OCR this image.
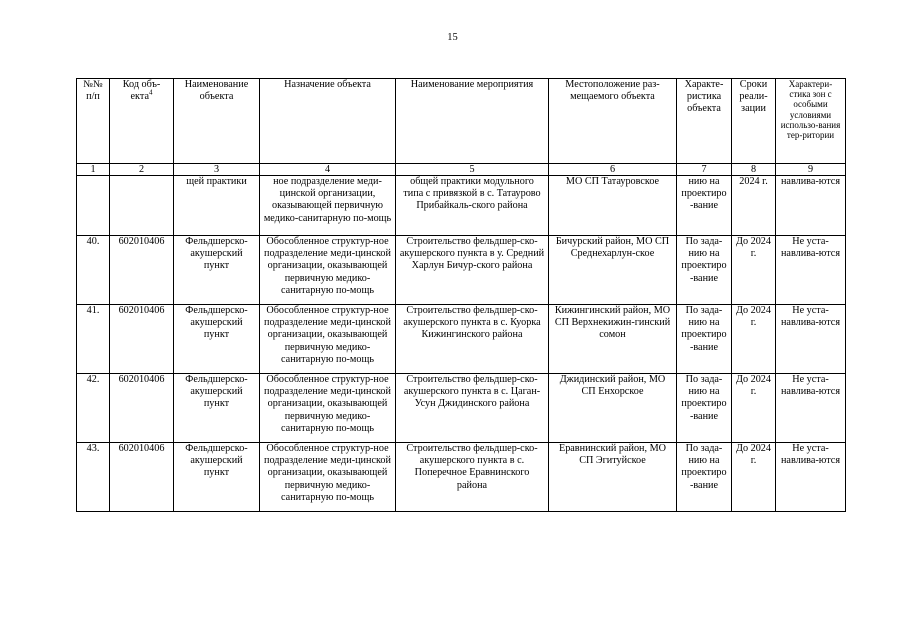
15
№№ п/п	Код объ-екта$^4$	Наименование объекта	Назначение объекта	Наименование мероприятия	Местоположение раз-мещаемого объекта	Характе-ристика объекта	Сроки реали-зации	Характери-стика зон с особыми условиями использо-вания тер-ритории
1	2	3	4	5	6	7	8	9
		щей практики	ное подразделение меди-цинской организации, оказывающей первичную медико-санитарную по-мощь	общей практики модульного типа с привязкой в с. Татаурово Прибайкаль-ского района	МО СП Татауровское	нию на проектиро-вание	2024 г.	навлива-ются
40.	602010406	Фельдшерско-акушерский пункт	Обособленное структур-ное подразделение меди-цинской организации, оказывающей первичную медико-санитарную по-мощь	Строительство фельдшер-ско-акушерского пункта в у. Средний Харлун Бичур-ского района	Бичурский район, МО СП Среднехарлун-ское	По зада-нию на проектиро-вание	До 2024 г.	Не уста-навлива-ются
41.	602010406	Фельдшерско-акушерский пункт	Обособленное структур-ное подразделение меди-цинской организации, оказывающей первичную медико-санитарную по-мощь	Строительство фельдшер-ско-акушерского пункта в с. Куорка Кижингинского района	Кижингинский район, МО СП Верхнекижин-гинский сомон	По зада-нию на проектиро-вание	До 2024 г.	Не уста-навлива-ются
42.	602010406	Фельдшерско-акушерский пункт	Обособленное структур-ное подразделение меди-цинской организации, оказывающей первичную медико-санитарную по-мощь	Строительство фельдшер-ско-акушерского пункта в с. Цаган-Усун Джидинского района	Джидинский район, МО СП Енхорское	По зада-нию на проектиро-вание	До 2024 г.	Не уста-навлива-ются
43.	602010406	Фельдшерско-акушерский пункт	Обособленное структур-ное подразделение меди-цинской организации, оказывающей первичную медико-санитарную по-мощь	Строительство фельдшер-ско-акушерского пункта в с. Поперечное Еравнинского района	Еравнинский район, МО СП Эгитуйское	По зада-нию на проектиро-вание	До 2024 г.	Не уста-навлива-ются
